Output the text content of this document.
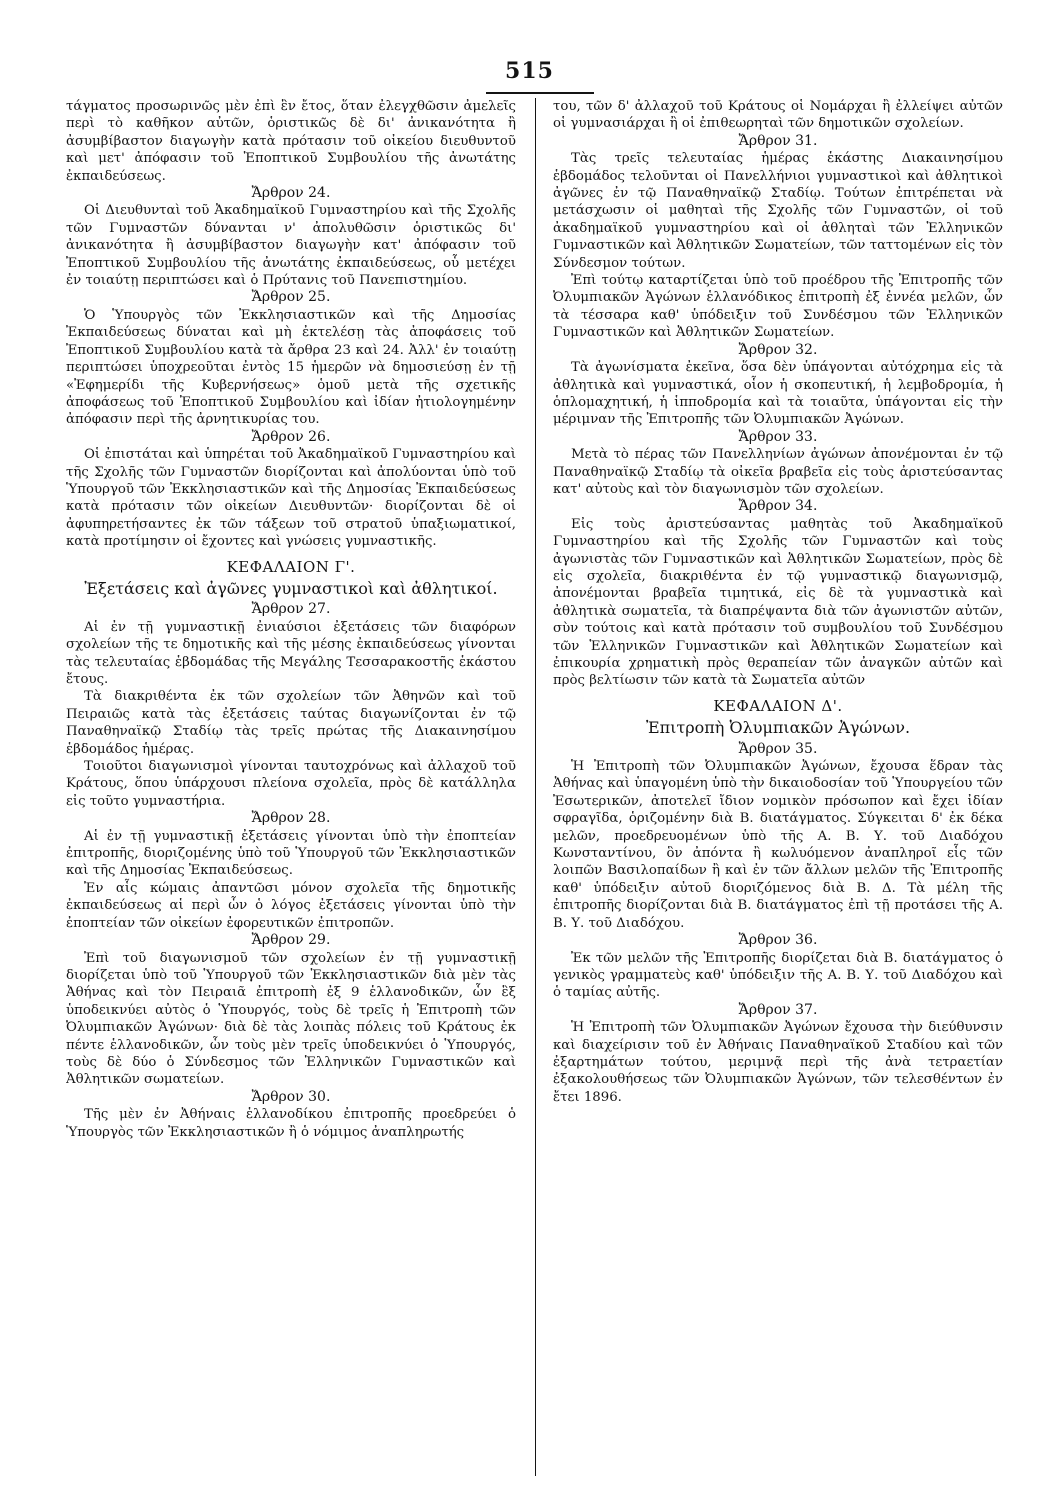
515

τάγματος προσωρινῶς μὲν ἐπὶ ἓν ἔτος, ὅταν ἐλεγχθῶσιν ἀμελεῖς περὶ τὸ καθῆκον αὐτῶν, ὁριστικῶς δὲ δι' ἀνικανότητα ἢ ἀσυμβίβαστον διαγωγὴν κατὰ πρότασιν τοῦ οἰκείου διευθυντοῦ καὶ μετ' ἀπόφασιν τοῦ Ἐποπτικοῦ Συμβουλίου τῆς ἀνωτάτης ἐκπαιδεύσεως.

Ἄρθρον 24.

Οἱ Διευθυνταὶ τοῦ Ἀκαδημαϊκοῦ Γυμναστηρίου καὶ τῆς Σχολῆς τῶν Γυμναστῶν δύνανται ν' ἀπολυθῶσιν ὁριστικῶς δι' ἀνικανότητα ἢ ἀσυμβίβαστον διαγωγὴν κατ' ἀπόφασιν τοῦ Ἐποπτικοῦ Συμβουλίου τῆς ἀνωτάτης ἐκπαιδεύσεως, οὗ μετέχει ἐν τοιαύτῃ περιπτώσει καὶ ὁ Πρύτανις τοῦ Πανεπιστημίου.

Ἄρθρον 25.

Ὁ Ὑπουργὸς τῶν Ἐκκλησιαστικῶν καὶ τῆς Δημοσίας Ἐκπαιδεύσεως δύναται καὶ μὴ ἐκτελέσῃ τὰς ἀποφάσεις τοῦ Ἐποπτικοῦ Συμβουλίου κατὰ τὰ ἄρθρα 23 καὶ 24. Ἀλλ' ἐν τοιαύτῃ περιπτώσει ὑποχρεοῦται ἐντὸς 15 ἡμερῶν νὰ δημοσιεύσῃ ἐν τῇ «Ἐφημερίδι τῆς Κυβερνήσεως» ὁμοῦ μετὰ τῆς σχετικῆς ἀποφάσεως τοῦ Ἐποπτικοῦ Συμβουλίου καὶ ἰδίαν ἠτιολογημένην ἀπόφασιν περὶ τῆς ἀρνητικυρίας του.

Ἄρθρον 26.

Οἱ ἐπιστάται καὶ ὑπηρέται τοῦ Ἀκαδημαϊκοῦ Γυμναστηρίου καὶ τῆς Σχολῆς τῶν Γυμναστῶν διορίζονται καὶ ἀπολύονται ὑπὸ τοῦ Ὑπουργοῦ τῶν Ἐκκλησιαστικῶν καὶ τῆς Δημοσίας Ἐκπαιδεύσεως κατὰ πρότασιν τῶν οἰκείων Διευθυντῶν· διορίζονται δὲ οἱ ἀφυπηρετήσαντες ἐκ τῶν τάξεων τοῦ στρατοῦ ὑπαξιωματικοί, κατὰ προτίμησιν οἱ ἔχοντες καὶ γνώσεις γυμναστικῆς.

ΚΕΦΑΛΑΙΟΝ Γ'.
Ἐξετάσεις καὶ ἀγῶνες γυμναστικοὶ καὶ ἀθλητικοί.
Ἄρθρον 27.

Αἱ ἐν τῇ γυμναστικῇ ἐνιαύσιοι ἐξετάσεις τῶν διαφόρων σχολείων τῆς τε δημοτικῆς καὶ τῆς μέσης ἐκπαιδεύσεως γίνονται τὰς τελευταίας ἑβδομάδας τῆς Μεγάλης Τεσσαρακοστῆς ἑκάστου ἔτους.

Τὰ διακριθέντα ἐκ τῶν σχολείων τῶν Ἀθηνῶν καὶ τοῦ Πειραιῶς κατὰ τὰς ἐξετάσεις ταύτας διαγωνίζονται ἐν τῷ Παναθηναϊκῷ Σταδίῳ τὰς τρεῖς πρώτας τῆς Διακαινησίμου ἑβδομάδος ἡμέρας.

Τοιοῦτοι διαγωνισμοὶ γίνονται ταυτοχρόνως καὶ ἀλλαχοῦ τοῦ Κράτους, ὅπου ὑπάρχουσι πλείονα σχολεῖα, πρὸς δὲ κατάλληλα εἰς τοῦτο γυμναστήρια.

Ἄρθρον 28.

Αἱ ἐν τῇ γυμναστικῇ ἐξετάσεις γίνονται ὑπὸ τὴν ἐποπτείαν ἐπιτροπῆς, διοριζομένης ὑπὸ τοῦ Ὑπουργοῦ τῶν Ἐκκλησιαστικῶν καὶ τῆς Δημοσίας Ἐκπαιδεύσεως.

Ἐν αἷς κώμαις ἀπαντῶσι μόνον σχολεῖα τῆς δημοτικῆς ἐκπαιδεύσεως αἱ περὶ ὧν ὁ λόγος ἐξετάσεις γίνονται ὑπὸ τὴν ἐποπτείαν τῶν οἰκείων ἐφορευτικῶν ἐπιτροπῶν.

Ἄρθρον 29.

Ἐπὶ τοῦ διαγωνισμοῦ τῶν σχολείων ἐν τῇ γυμναστικῇ διορίζεται ὑπὸ τοῦ Ὑπουργοῦ τῶν Ἐκκλησιαστικῶν διὰ μὲν τὰς Ἀθήνας καὶ τὸν Πειραιᾶ ἐπιτροπὴ ἐξ 9 ἑλλανοδικῶν, ὧν ἓξ ὑποδεικνύει αὐτὸς ὁ Ὑπουργός, τοὺς δὲ τρεῖς ἡ Ἐπιτροπὴ τῶν Ὀλυμπιακῶν Ἀγώνων· διὰ δὲ τὰς λοιπὰς πόλεις τοῦ Κράτους ἐκ πέντε ἑλλανοδικῶν, ὧν τοὺς μὲν τρεῖς ὑποδεικνύει ὁ Ὑπουργός, τοὺς δὲ δύο ὁ Σύνδεσμος τῶν Ἑλληνικῶν Γυμναστικῶν καὶ Ἀθλητικῶν σωματείων.

Ἄρθρον 30.

Τῆς μὲν ἐν Ἀθήναις ἑλλανοδίκου ἐπιτροπῆς προεδρεύει ὁ Ὑπουργὸς τῶν Ἐκκλησιαστικῶν ἢ ὁ νόμιμος ἀναπληρωτής

του, τῶν δ' ἀλλαχοῦ τοῦ Κράτους οἱ Νομάρχαι ἢ ἐλλείψει αὐτῶν οἱ γυμνασιάρχαι ἢ οἱ ἐπιθεωρηταὶ τῶν δημοτικῶν σχολείων.

Ἄρθρον 31.

Τὰς τρεῖς τελευταίας ἡμέρας ἑκάστης Διακαινησίμου ἑβδομάδος τελοῦνται οἱ Πανελλήνιοι γυμναστικοὶ καὶ ἀθλητικοὶ ἀγῶνες ἐν τῷ Παναθηναϊκῷ Σταδίῳ. Τούτων ἐπιτρέπεται νὰ μετάσχωσιν οἱ μαθηταὶ τῆς Σχολῆς τῶν Γυμναστῶν, οἱ τοῦ ἀκαδημαϊκοῦ γυμναστηρίου καὶ οἱ ἀθληταὶ τῶν Ἑλληνικῶν Γυμναστικῶν καὶ Ἀθλητικῶν Σωματείων, τῶν ταττομένων εἰς τὸν Σύνδεσμον τούτων.

Ἐπὶ τούτῳ καταρτίζεται ὑπὸ τοῦ προέδρου τῆς Ἐπιτροπῆς τῶν Ὀλυμπιακῶν Ἀγώνων ἑλλανόδικος ἐπιτροπὴ ἐξ ἐννέα μελῶν, ὧν τὰ τέσσαρα καθ' ὑπόδειξιν τοῦ Συνδέσμου τῶν Ἑλληνικῶν Γυμναστικῶν καὶ Ἀθλητικῶν Σωματείων.

Ἄρθρον 32.

Τὰ ἀγωνίσματα ἐκεῖνα, ὅσα δὲν ὑπάγονται αὐτόχρημα εἰς τὰ ἀθλητικὰ καὶ γυμναστικά, οἷον ἡ σκοπευτική, ἡ λεμβοδρομία, ἡ ὁπλομαχητική, ἡ ἱπποδρομία καὶ τὰ τοιαῦτα, ὑπάγονται εἰς τὴν μέριμναν τῆς Ἐπιτροπῆς τῶν Ὀλυμπιακῶν Ἀγώνων.

Ἄρθρον 33.

Μετὰ τὸ πέρας τῶν Πανελληνίων ἀγώνων ἀπονέμονται ἐν τῷ Παναθηναϊκῷ Σταδίῳ τὰ οἰκεῖα βραβεῖα εἰς τοὺς ἀριστεύσαντας κατ' αὐτοὺς καὶ τὸν διαγωνισμὸν τῶν σχολείων.

Ἄρθρον 34.

Εἰς τοὺς ἀριστεύσαντας μαθητὰς τοῦ Ἀκαδημαϊκοῦ Γυμναστηρίου καὶ τῆς Σχολῆς τῶν Γυμναστῶν καὶ τοὺς ἀγωνιστὰς τῶν Γυμναστικῶν καὶ Ἀθλητικῶν Σωματείων, πρὸς δὲ εἰς σχολεῖα, διακριθέντα ἐν τῷ γυμναστικῷ διαγωνισμῷ, ἀπονέμονται βραβεῖα τιμητικά, εἰς δὲ τὰ γυμναστικὰ καὶ ἀθλητικὰ σωματεῖα, τὰ διαπρέψαντα διὰ τῶν ἀγωνιστῶν αὐτῶν, σὺν τούτοις καὶ κατὰ πρότασιν τοῦ συμβουλίου τοῦ Συνδέσμου τῶν Ἑλληνικῶν Γυμναστικῶν καὶ Ἀθλητικῶν Σωματείων καὶ ἐπικουρία χρηματικὴ πρὸς θεραπείαν τῶν ἀναγκῶν αὐτῶν καὶ πρὸς βελτίωσιν τῶν κατὰ τὰ Σωματεῖα αὐτῶν

ΚΕΦΑΛΑΙΟΝ Δ'.
Ἐπιτροπὴ Ὀλυμπιακῶν Ἀγώνων.
Ἄρθρον 35.

Ἡ Ἐπιτροπὴ τῶν Ὀλυμπιακῶν Ἀγώνων, ἔχουσα ἕδραν τὰς Ἀθήνας καὶ ὑπαγομένη ὑπὸ τὴν δικαιοδοσίαν τοῦ Ὑπουργείου τῶν Ἐσωτερικῶν, ἀποτελεῖ ἴδιον νομικὸν πρόσωπον καὶ ἔχει ἰδίαν σφραγῖδα, ὁριζομένην διὰ Β. διατάγματος. Σύγκειται δ' ἐκ δέκα μελῶν, προεδρευομένων ὑπὸ τῆς Α. Β. Υ. τοῦ Διαδόχου Κωνσταντίνου, ὃν ἀπόντα ἢ κωλυόμενον ἀναπληροῖ εἷς τῶν λοιπῶν Βασιλοπαίδων ἢ καὶ ἐν τῶν ἄλλων μελῶν τῆς Ἐπιτροπῆς καθ' ὑπόδειξιν αὐτοῦ διοριζόμενος διὰ Β. Δ. Τὰ μέλη τῆς ἐπιτροπῆς διορίζονται διὰ Β. διατάγματος ἐπὶ τῇ προτάσει τῆς Α. Β. Υ. τοῦ Διαδόχου.

Ἄρθρον 36.

Ἐκ τῶν μελῶν τῆς Ἐπιτροπῆς διορίζεται διὰ Β. διατάγματος ὁ γενικὸς γραμματεὺς καθ' ὑπόδειξιν τῆς Α. Β. Υ. τοῦ Διαδόχου καὶ ὁ ταμίας αὐτῆς.

Ἄρθρον 37.

Ἡ Ἐπιτροπὴ τῶν Ὀλυμπιακῶν Ἀγώνων ἔχουσα τὴν διεύθυνσιν καὶ διαχείρισιν τοῦ ἐν Ἀθήναις Παναθηναϊκοῦ Σταδίου καὶ τῶν ἐξαρτημάτων τούτου, μεριμνᾷ περὶ τῆς ἀνὰ τετραετίαν ἐξακολουθήσεως τῶν Ὀλυμπιακῶν Ἀγώνων, τῶν τελεσθέντων ἐν ἔτει 1896.
